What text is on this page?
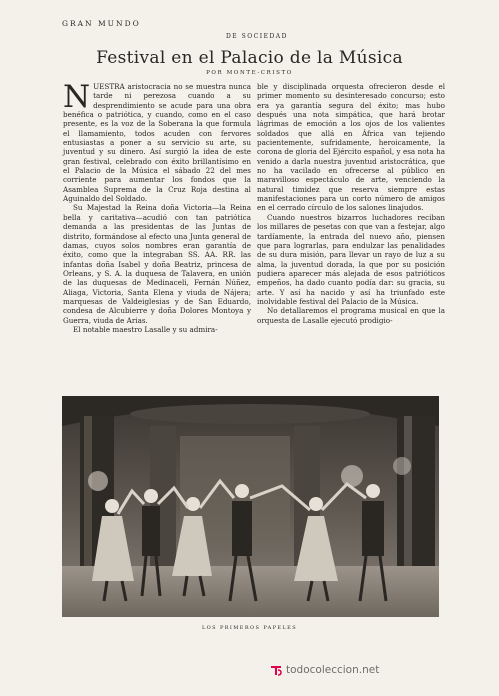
GRAN MUNDO
DE SOCIEDAD
Festival en el Palacio de la Música
POR MONTE-CRISTO

NUESTRA aristocracia no se muestra nunca tarde ni perezosa cuando a su desprendimiento se acude para una obra benéfica o patriótica, y cuando, como en el caso presente, es la voz de la Soberana la que formula el llamamiento, todos acuden con fervores entusiastas a poner a su servicio su arte, su juventud y su dinero. Así surgió la idea de este gran festival, celebrado con éxito brillantísimo en el Palacio de la Música el sábado 22 del mes corriente para aumentar los fondos que la Asamblea Suprema de la Cruz Roja destina al Aguinaldo del Soldado.

Su Majestad la Reina doña Victoria—la Reina bella y caritativa—acudió con tan patriótica demanda a las presidentas de las Juntas de distrito, formándose al efecto una Junta general de damas, cuyos solos nombres eran garantía de éxito, como que la integraban SS. AA. RR. las infantas doña Isabel y doña Beatriz, princesa de Orleans, y S. A. la duquesa de Talavera, en unión de las duquesas de Medinaceli, Fernán Núñez, Aliaga, Victoria, Santa Elena y viuda de Nájera; marquesas de Valdeiglesias y de San Eduardo, condesa de Alcubierre y doña Dolores Montoya y Guerra, viuda de Arias.

El notable maestro Lasalle y su admira-

ble y disciplinada orquesta ofrecieron desde el primer momento su desinteresado concurso; esto era ya garantía segura del éxito; mas hubo después una nota simpática, que hará brotar lágrimas de emoción a los ojos de los valientes soldados que allá en África van tejiendo pacientemente, sufridamente, heroicamente, la corona de gloria del Ejército español, y esa nota ha venido a darla nuestra juventud aristocrática, que no ha vacilado en ofrecerse al público en maravilloso espectáculo de arte, venciendo la natural timidez que reserva siempre estas manifestaciones para un corto número de amigos en el cerrado círculo de los salones linajudos.

Cuando nuestros bizarros luchadores reciban los millares de pesetas con que van a festejar, algo tardíamente, la entrada del nuevo año, piensen que para lograrlas, para endulzar las penalidades de su dura misión, para llevar un rayo de luz a su alma, la juventud dorada, la que por su posición pudiera aparecer más alejada de esos patrióticos empeños, ha dado cuanto podía dar: su gracia, su arte. Y así ha nacido y así ha triunfado este inolvidable festival del Palacio de la Música.

No detallaremos el programa musical en que la orquesta de Lasalle ejecutó prodigio-

LOS PRIMEROS PAPELES
todocoleccion.net
